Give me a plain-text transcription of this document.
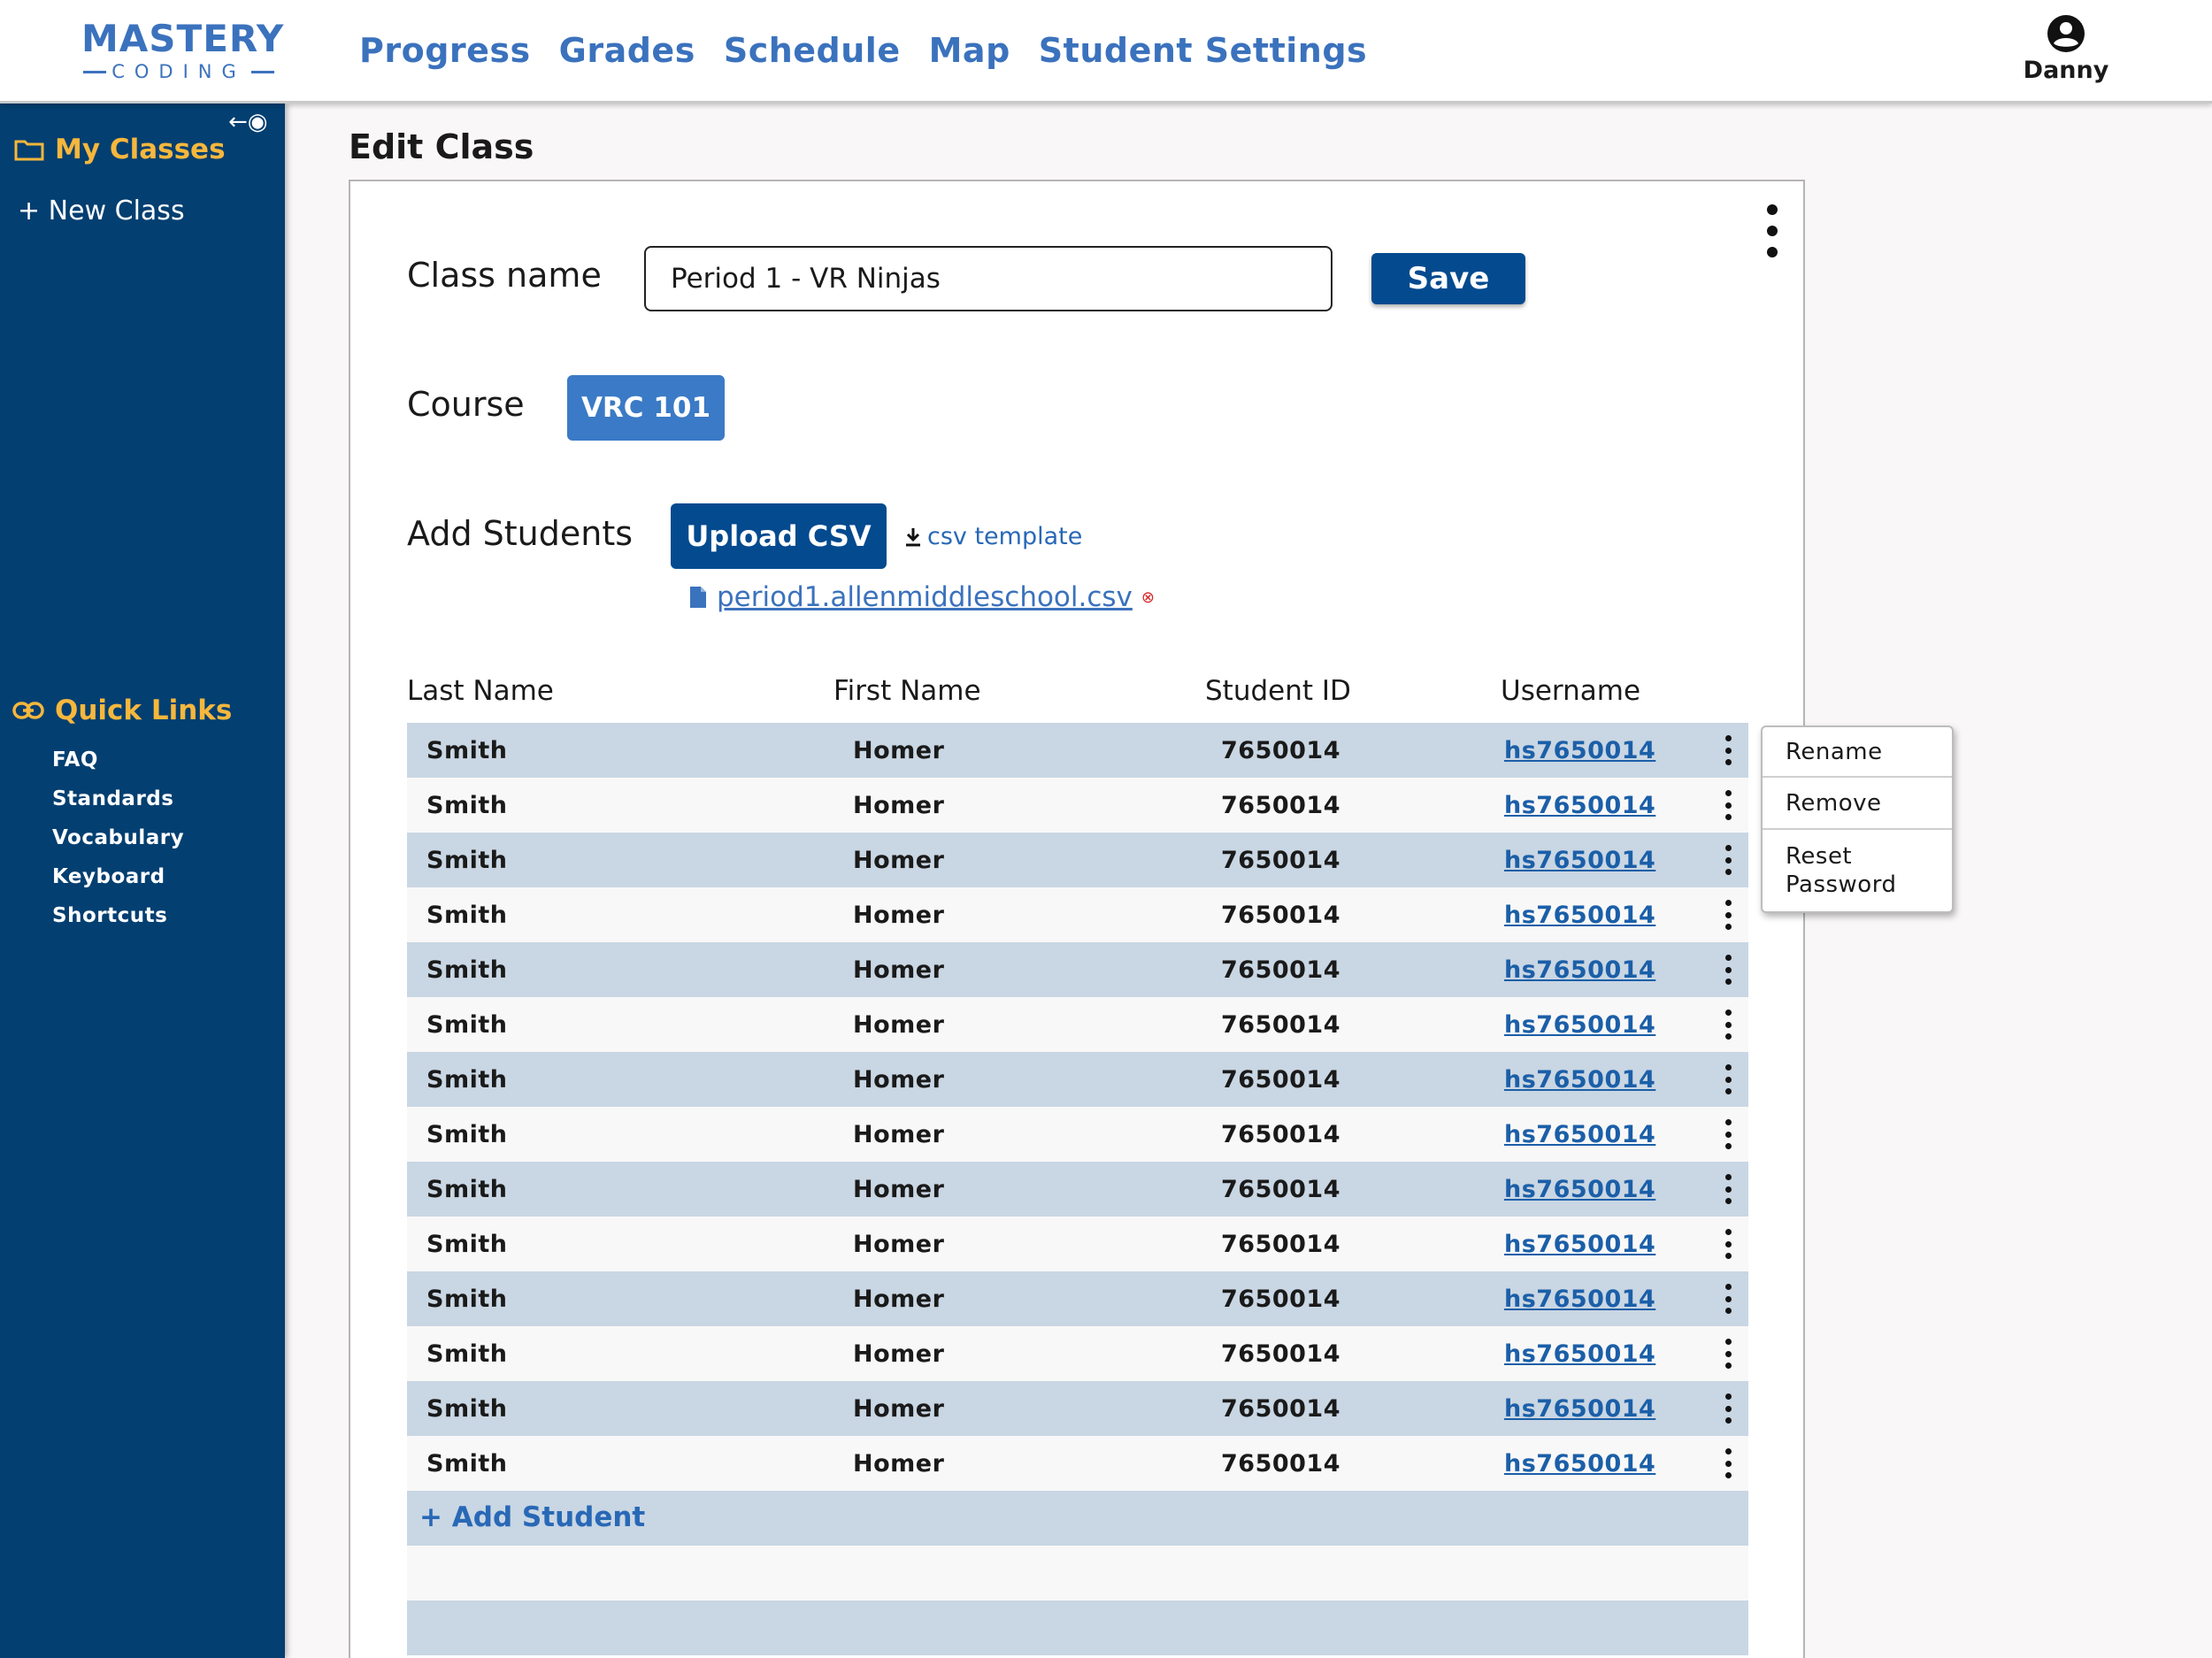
MASTERY
CODING
Progress Grades Schedule Map Student Settings
Danny
←◉
My Classes
+ New Class
Quick Links
FAQ
Standards
Vocabulary
Keyboard Shortcuts
Edit Class
Class name
Period 1 - VR Ninjas	Save
Course	VRC 101
Add Students	Upload CSV	csv template
period1.allenmiddleschool.csv ⊗
Last Name	First Name	Student ID	Username
Smith	Homer	7650014	hs7650014
Smith	Homer	7650014	hs7650014
Smith	Homer	7650014	hs7650014
Smith	Homer	7650014	hs7650014
Smith	Homer	7650014	hs7650014
Smith	Homer	7650014	hs7650014
Smith	Homer	7650014	hs7650014
Smith	Homer	7650014	hs7650014
Smith	Homer	7650014	hs7650014
Smith	Homer	7650014	hs7650014
Smith	Homer	7650014	hs7650014
Smith	Homer	7650014	hs7650014
Smith	Homer	7650014	hs7650014
Smith	Homer	7650014	hs7650014
+ Add Student
Rename
Remove
Reset
Password
